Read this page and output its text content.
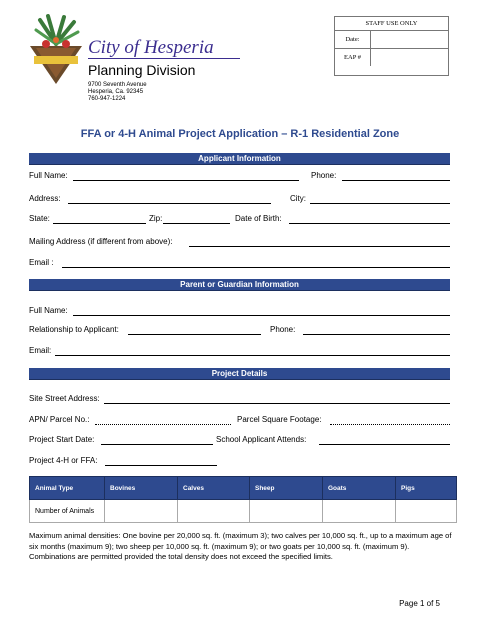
City of Hesperia
Planning Division
9700 Seventh Avenue
Hesperia, Ca. 92345
760-947-1224
STAFF USE ONLY
Date:
EAP #
FFA or 4-H Animal Project Application – R-1 Residential Zone
Applicant Information
Full Name:	Phone:
Address:	City:
State:	Zip:	Date of Birth:
Mailing Address (if different from above):
Email :
Parent or Guardian Information
Full Name:
Relationship to Applicant:	Phone:
Email:
Project Details
Site Street Address:
APN/ Parcel No.:	Parcel Square Footage:
Project Start Date:	School Applicant Attends:
Project 4-H or FFA:
Animal Type	Bovines	Calves	Sheep	Goats	Pigs
Number of Animals					
Maximum animal densities: One bovine per 20,000 sq. ft. (maximum 3); two calves per 10,000 sq. ft., up to a maximum age of six months (maximum 9); two sheep per 10,000 sq. ft. (maximum 9); or two goats per 10,000 sq. ft. (maximum 9). Combinations are permitted provided the total density does not exceed the specified limits.
Page 1 of 5
